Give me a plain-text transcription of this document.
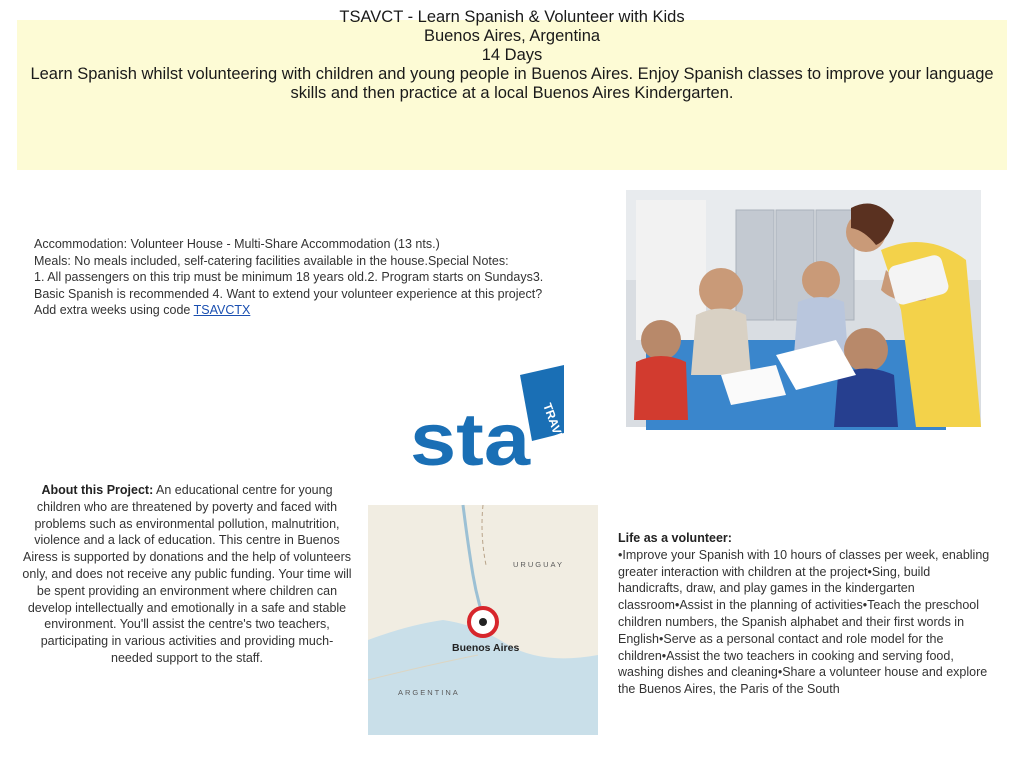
TSAVCT - Learn Spanish & Volunteer with Kids
Buenos Aires, Argentina
14 Days
Learn Spanish whilst volunteering with children and young people in Buenos Aires. Enjoy Spanish classes to improve your language skills and then practice at a local Buenos Aires Kindergarten.
Accommodation: Volunteer House - Multi-Share Accommodation (13 nts.)
Meals: No meals included, self-catering facilities available in the house.Special Notes:
1. All passengers on this trip must be minimum 18 years old.2. Program starts on Sundays3. Basic Spanish is recommended 4. Want to extend your volunteer experience at this project? Add extra weeks using code TSAVCTX
sta TRAVEL
About this Project: An educational centre for young children who are threatened by poverty and faced with problems such as environmental pollution, malnutrition, violence and a lack of education. This centre in Buenos Airess is supported by donations and the help of volunteers only, and does not receive any public funding. Your time will be spent providing an environment where children can develop intellectually and emotionally in a safe and stable environment. You'll assist the centre's two teachers, participating in various activities and providing much-needed support to the staff.
URUGUAY
Buenos Aires
ARGENTINA
Life as a volunteer:
•Improve your Spanish with 10 hours of classes per week, enabling greater interaction with children at the project•Sing, build handicrafts, draw, and play games in the kindergarten classroom•Assist in the planning of activities•Teach the preschool children numbers, the Spanish alphabet and their first words in English•Serve as a personal contact and role model for the children•Assist the two teachers in cooking and serving food, washing dishes and cleaning•Share a volunteer house and explore the Buenos Aires, the Paris of the South
